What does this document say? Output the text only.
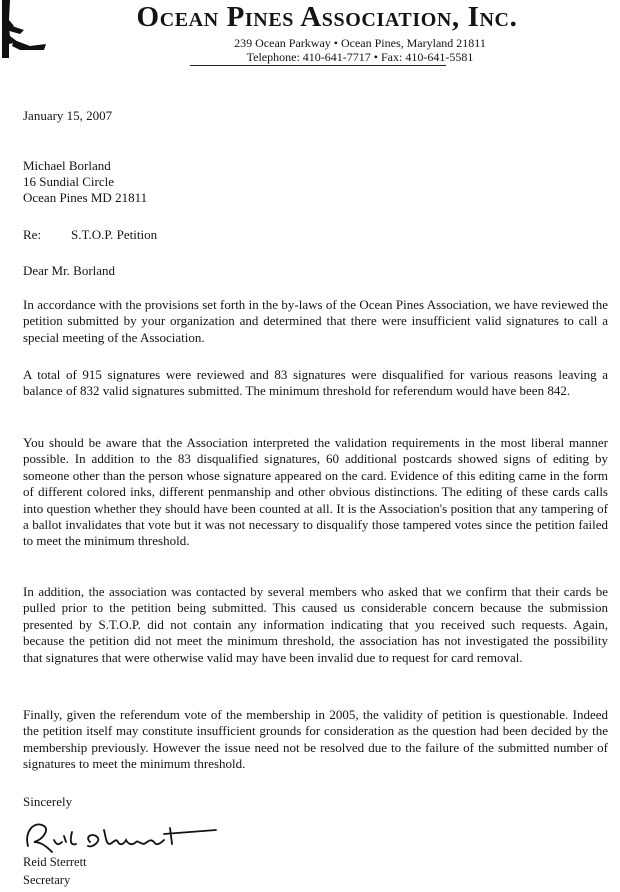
Ocean Pines Association, Inc.
239 Ocean Parkway • Ocean Pines, Maryland 21811
Telephone: 410-641-7717 • Fax: 410-641-5581
January 15, 2007
Michael Borland
16 Sundial Circle
Ocean Pines MD 21811
Re: S.T.O.P. Petition
Dear Mr. Borland
In accordance with the provisions set forth in the by-laws of the Ocean Pines Association, we have reviewed the petition submitted by your organization and determined that there were insufficient valid signatures to call a special meeting of the Association.
A total of 915 signatures were reviewed and 83 signatures were disqualified for various reasons leaving a balance of 832 valid signatures submitted. The minimum threshold for referendum would have been 842.
You should be aware that the Association interpreted the validation requirements in the most liberal manner possible. In addition to the 83 disqualified signatures, 60 additional postcards showed signs of editing by someone other than the person whose signature appeared on the card. Evidence of this editing came in the form of different colored inks, different penmanship and other obvious distinctions. The editing of these cards calls into question whether they should have been counted at all. It is the Association's position that any tampering of a ballot invalidates that vote but it was not necessary to disqualify those tampered votes since the petition failed to meet the minimum threshold.
In addition, the association was contacted by several members who asked that we confirm that their cards be pulled prior to the petition being submitted. This caused us considerable concern because the submission presented by S.T.O.P. did not contain any information indicating that you received such requests. Again, because the petition did not meet the minimum threshold, the association has not investigated the possibility that signatures that were otherwise valid may have been invalid due to request for card removal.
Finally, given the referendum vote of the membership in 2005, the validity of petition is questionable. Indeed the petition itself may constitute insufficient grounds for consideration as the question had been decided by the membership previously. However the issue need not be resolved due to the failure of the submitted number of signatures to meet the minimum threshold.
Sincerely
Reid Sterrett
Secretary
